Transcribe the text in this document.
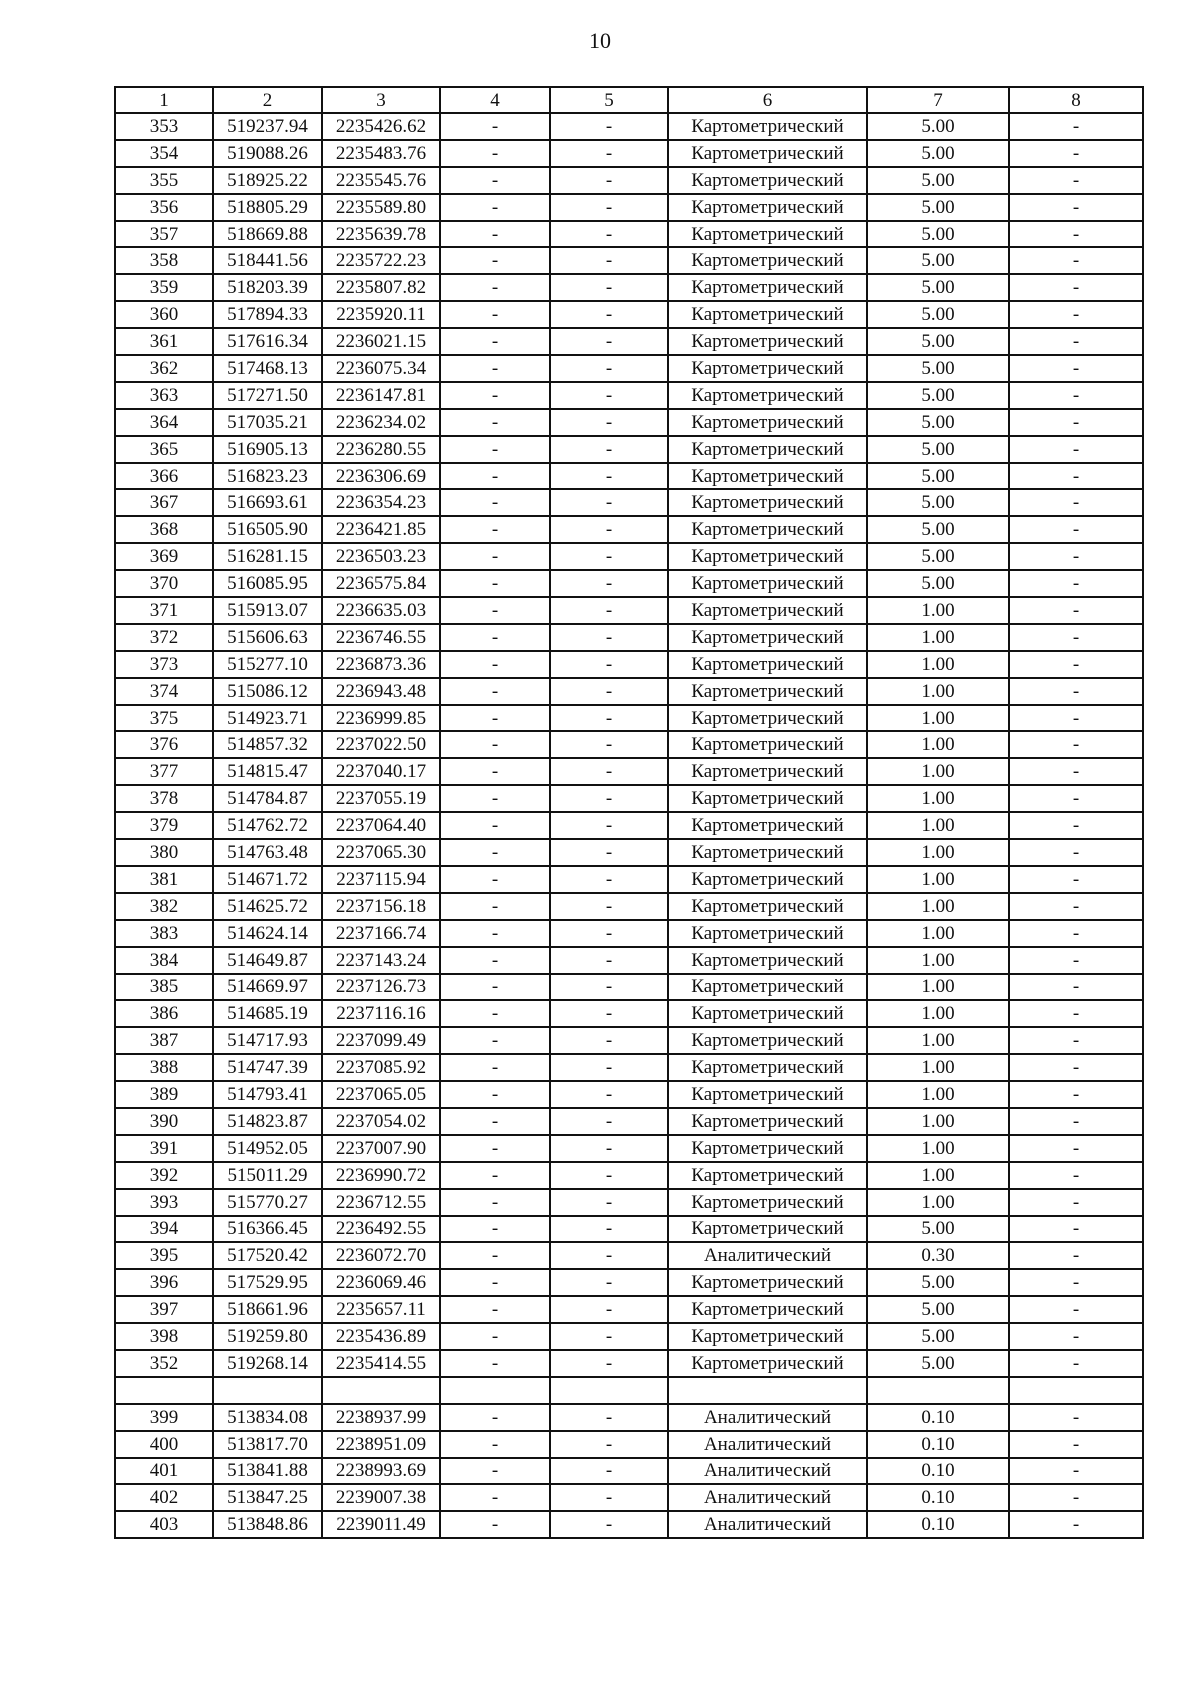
10
1	2	3	4	5	6	7	8
353	519237.94	2235426.62	-	-	Картометрический	5.00	-
354	519088.26	2235483.76	-	-	Картометрический	5.00	-
355	518925.22	2235545.76	-	-	Картометрический	5.00	-
356	518805.29	2235589.80	-	-	Картометрический	5.00	-
357	518669.88	2235639.78	-	-	Картометрический	5.00	-
358	518441.56	2235722.23	-	-	Картометрический	5.00	-
359	518203.39	2235807.82	-	-	Картометрический	5.00	-
360	517894.33	2235920.11	-	-	Картометрический	5.00	-
361	517616.34	2236021.15	-	-	Картометрический	5.00	-
362	517468.13	2236075.34	-	-	Картометрический	5.00	-
363	517271.50	2236147.81	-	-	Картометрический	5.00	-
364	517035.21	2236234.02	-	-	Картометрический	5.00	-
365	516905.13	2236280.55	-	-	Картометрический	5.00	-
366	516823.23	2236306.69	-	-	Картометрический	5.00	-
367	516693.61	2236354.23	-	-	Картометрический	5.00	-
368	516505.90	2236421.85	-	-	Картометрический	5.00	-
369	516281.15	2236503.23	-	-	Картометрический	5.00	-
370	516085.95	2236575.84	-	-	Картометрический	5.00	-
371	515913.07	2236635.03	-	-	Картометрический	1.00	-
372	515606.63	2236746.55	-	-	Картометрический	1.00	-
373	515277.10	2236873.36	-	-	Картометрический	1.00	-
374	515086.12	2236943.48	-	-	Картометрический	1.00	-
375	514923.71	2236999.85	-	-	Картометрический	1.00	-
376	514857.32	2237022.50	-	-	Картометрический	1.00	-
377	514815.47	2237040.17	-	-	Картометрический	1.00	-
378	514784.87	2237055.19	-	-	Картометрический	1.00	-
379	514762.72	2237064.40	-	-	Картометрический	1.00	-
380	514763.48	2237065.30	-	-	Картометрический	1.00	-
381	514671.72	2237115.94	-	-	Картометрический	1.00	-
382	514625.72	2237156.18	-	-	Картометрический	1.00	-
383	514624.14	2237166.74	-	-	Картометрический	1.00	-
384	514649.87	2237143.24	-	-	Картометрический	1.00	-
385	514669.97	2237126.73	-	-	Картометрический	1.00	-
386	514685.19	2237116.16	-	-	Картометрический	1.00	-
387	514717.93	2237099.49	-	-	Картометрический	1.00	-
388	514747.39	2237085.92	-	-	Картометрический	1.00	-
389	514793.41	2237065.05	-	-	Картометрический	1.00	-
390	514823.87	2237054.02	-	-	Картометрический	1.00	-
391	514952.05	2237007.90	-	-	Картометрический	1.00	-
392	515011.29	2236990.72	-	-	Картометрический	1.00	-
393	515770.27	2236712.55	-	-	Картометрический	1.00	-
394	516366.45	2236492.55	-	-	Картометрический	5.00	-
395	517520.42	2236072.70	-	-	Аналитический	0.30	-
396	517529.95	2236069.46	-	-	Картометрический	5.00	-
397	518661.96	2235657.11	-	-	Картометрический	5.00	-
398	519259.80	2235436.89	-	-	Картометрический	5.00	-
352	519268.14	2235414.55	-	-	Картометрический	5.00	-

399	513834.08	2238937.99	-	-	Аналитический	0.10	-
400	513817.70	2238951.09	-	-	Аналитический	0.10	-
401	513841.88	2238993.69	-	-	Аналитический	0.10	-
402	513847.25	2239007.38	-	-	Аналитический	0.10	-
403	513848.86	2239011.49	-	-	Аналитический	0.10	-
